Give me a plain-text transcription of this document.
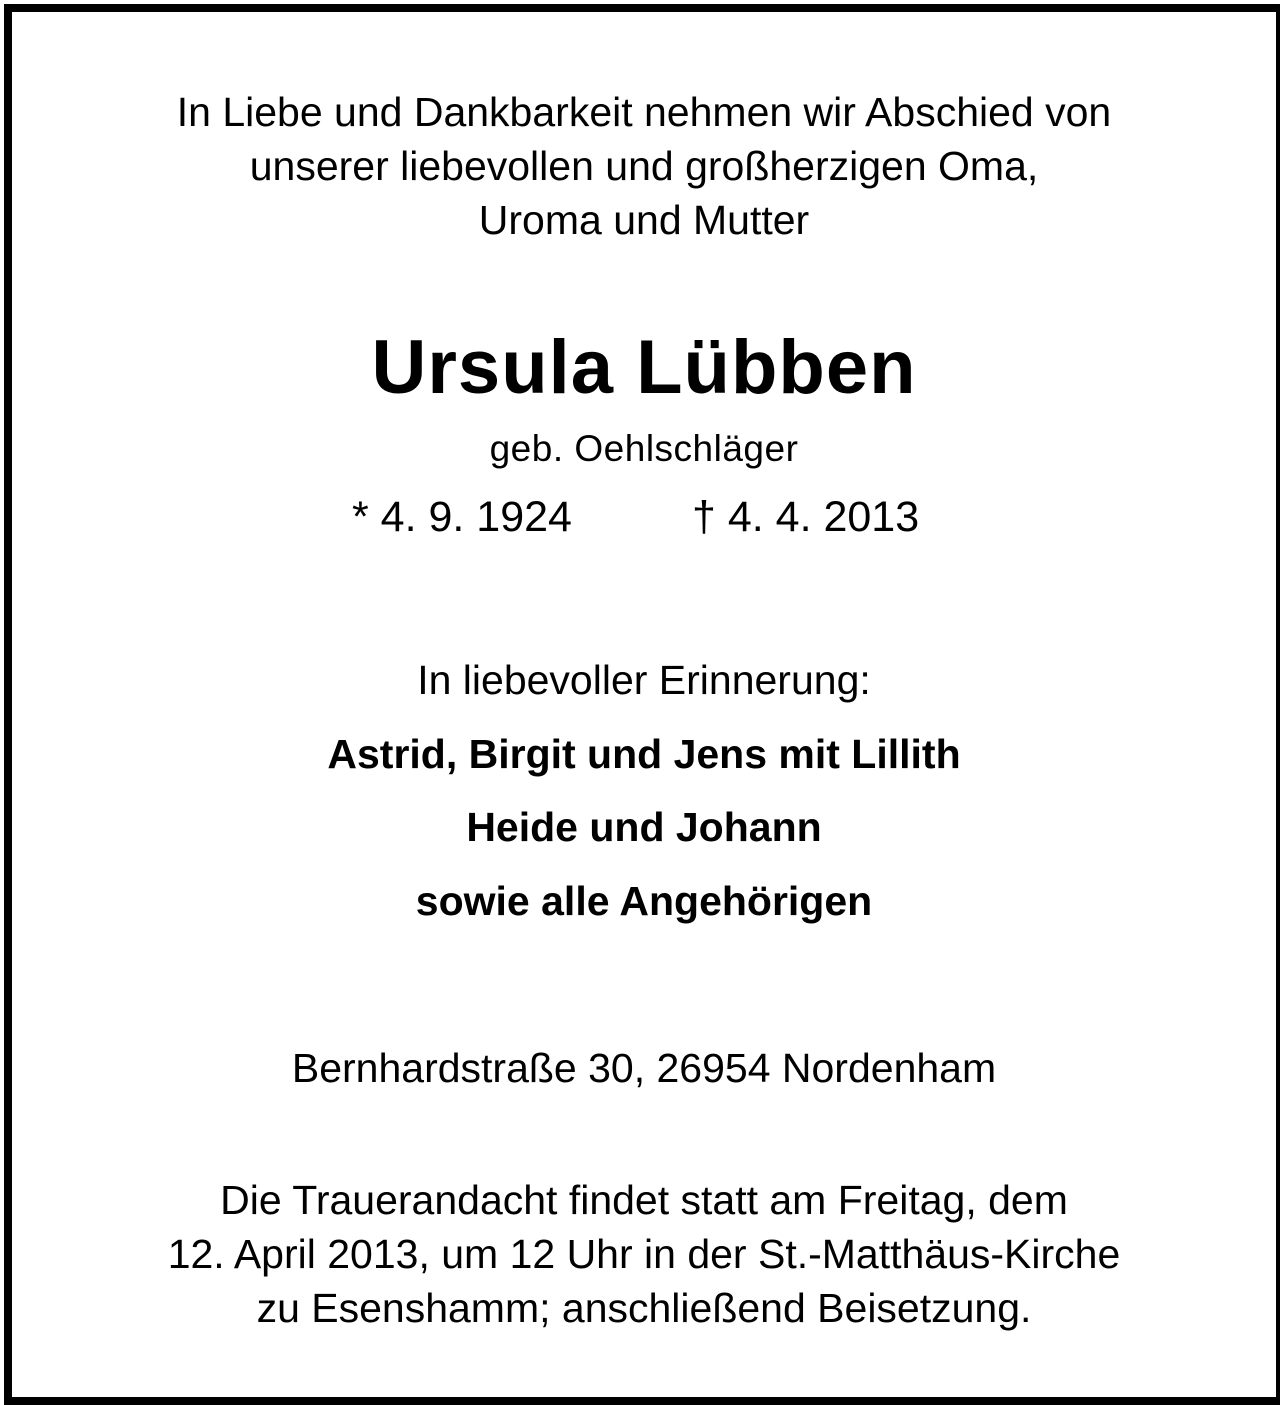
In Liebe und Dankbarkeit nehmen wir Abschied von
unserer liebevollen und großherzigen Oma,
Uroma und Mutter
Ursula Lübben
geb. Oehlschläger
* 4. 9. 1924	† 4. 4. 2013
In liebevoller Erinnerung:
Astrid, Birgit und Jens mit Lillith
Heide und Johann
sowie alle Angehörigen
Bernhardstraße 30, 26954 Nordenham
Die Trauerandacht findet statt am Freitag, dem
12. April 2013, um 12 Uhr in der St.-Matthäus-Kirche
zu Esenshamm; anschließend Beisetzung.
